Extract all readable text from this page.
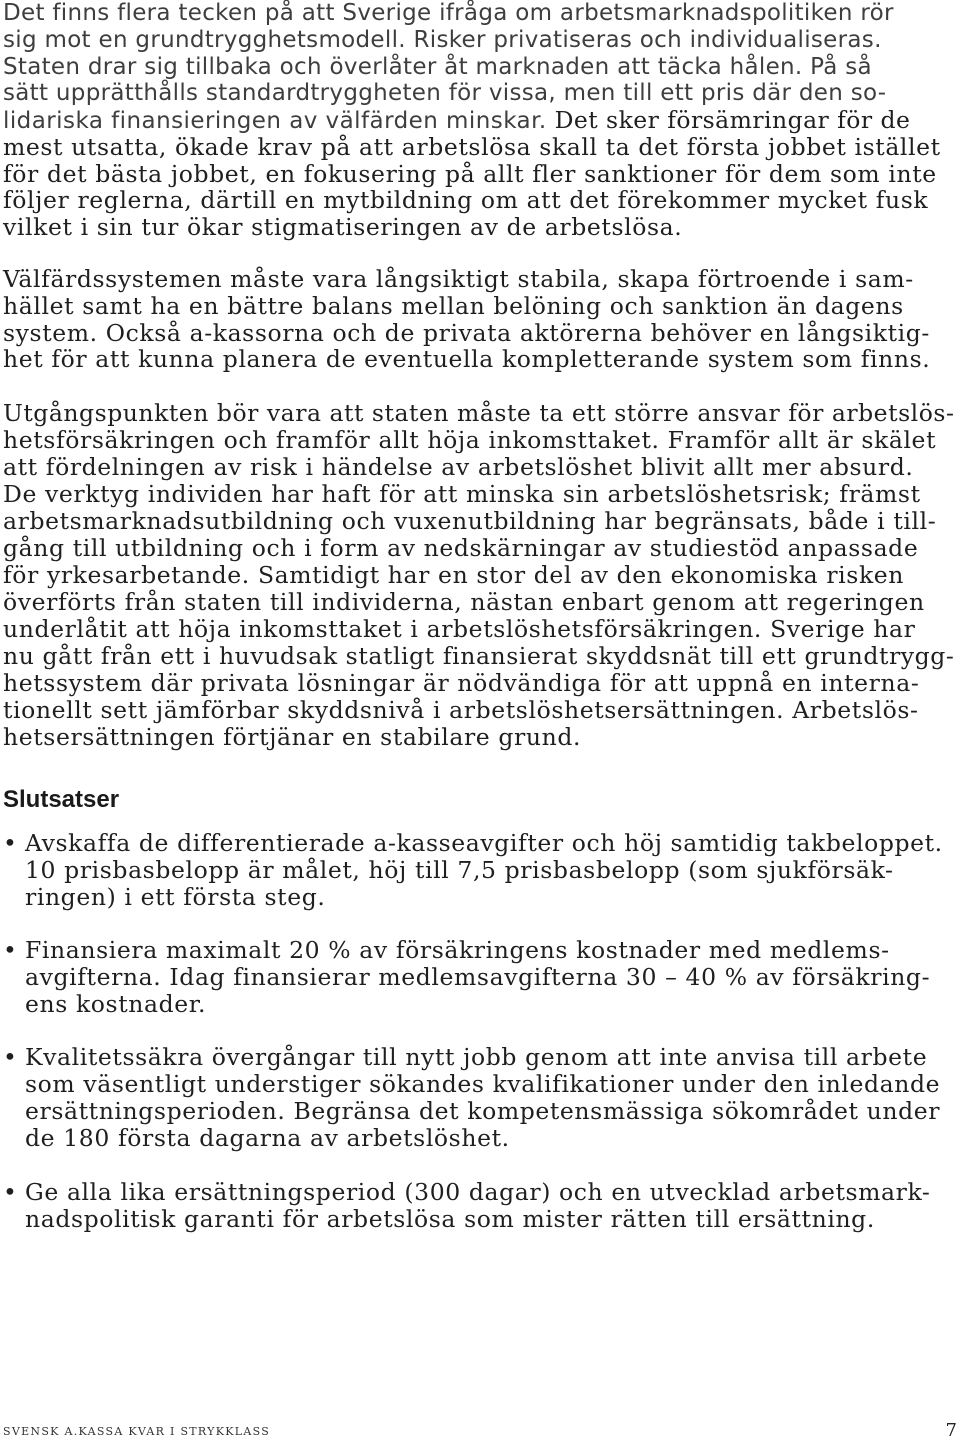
Det finns flera tecken på att Sverige ifråga om arbetsmarknadspolitiken rör
sig mot en grundtrygghetsmodell. Risker privatiseras och individualiseras.
Staten drar sig tillbaka och överlåter åt marknaden att täcka hålen. På så
sätt upprätthålls standardtryggheten för vissa, men till ett pris där den so-
lidariska finansieringen av välfärden minskar. Det sker försämringar för de
mest utsatta, ökade krav på att arbetslösa skall ta det första jobbet istället
för det bästa jobbet, en fokusering på allt fler sanktioner för dem som inte
följer reglerna, därtill en mytbildning om att det förekommer mycket fusk
vilket i sin tur ökar stigmatiseringen av de arbetslösa.
Välfärdssystemen måste vara långsiktigt stabila, skapa förtroende i sam-
hället samt ha en bättre balans mellan belöning och sanktion än dagens
system. Också a-kassorna och de privata aktörerna behöver en långsiktig-
het för att kunna planera de eventuella kompletterande system som finns.
Utgångspunkten bör vara att staten måste ta ett större ansvar för arbetslös-
hetsförsäkringen och framför allt höja inkomsttaket. Framför allt är skälet
att fördelningen av risk i händelse av arbetslöshet blivit allt mer absurd.
De verktyg individen har haft för att minska sin arbetslöshetsrisk; främst
arbetsmarknadsutbildning och vuxenutbildning har begränsats, både i till-
gång till utbildning och i form av nedskärningar av studiestöd anpassade
för yrkesarbetande. Samtidigt har en stor del av den ekonomiska risken
överförts från staten till individerna, nästan enbart genom att regeringen
underlåtit att höja inkomsttaket i arbetslöshetsförsäkringen. Sverige har
nu gått från ett i huvudsak statligt finansierat skyddsnät till ett grundtrygg-
hetssystem där privata lösningar är nödvändiga för att uppnå en interna-
tionellt sett jämförbar skyddsnivå i arbetslöshetsersättningen. Arbetslös-
hetsersättningen förtjänar en stabilare grund.
Slutsatser
• Avskaffa de differentierade a-kasseavgifter och höj samtidig takbeloppet.
10 prisbasbelopp är målet, höj till 7,5 prisbasbelopp (som sjukförsäk-
ringen) i ett första steg.
• Finansiera maximalt 20 % av försäkringens kostnader med medlems-
avgifterna. Idag finansierar medlemsavgifterna 30 – 40 % av försäkring-
ens kostnader.
• Kvalitetssäkra övergångar till nytt jobb genom att inte anvisa till arbete
som väsentligt understiger sökandes kvalifikationer under den inledande
ersättningsperioden. Begränsa det kompetensmässiga sökområdet under
de 180 första dagarna av arbetslöshet.
• Ge alla lika ersättningsperiod (300 dagar) och en utvecklad arbetsmark-
nadspolitisk garanti för arbetslösa som mister rätten till ersättning.
SVENSK A.KASSA KVAR I STRYKKLASS	7
